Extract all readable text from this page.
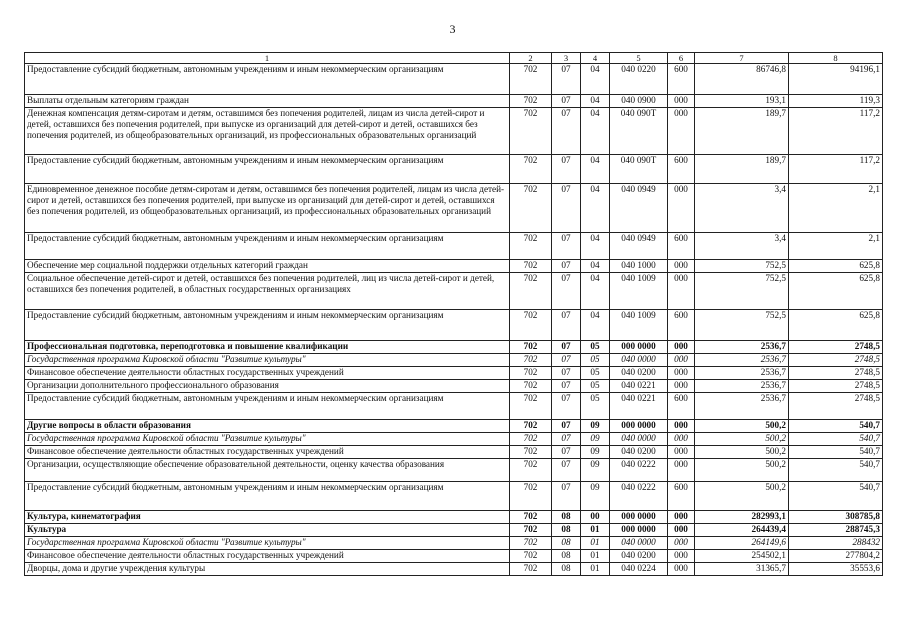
3
1	2	3	4	5	6	7	8
Предоставление субсидий бюджетным, автономным учреждениям и иным некоммерческим организациям	702	07	04	040 0220	600	86746,8	94196,1
Выплаты отдельным категориям граждан	702	07	04	040 0900	000	193,1	119,3
Денежная компенсация детям-сиротам и детям, оставшимся без попечения родителей, лицам из числа детей-сирот и детей, оставшихся без попечения родителей, при выпуске из организаций для детей-сирот и детей, оставшихся без попечения родителей, из общеобразовательных организаций, из профессиональных образовательных организаций	702	07	04	040 090Т	000	189,7	117,2
Предоставление субсидий бюджетным, автономным учреждениям и иным некоммерческим организациям	702	07	04	040 090Т	600	189,7	117,2
Единовременное денежное пособие детям-сиротам и детям, оставшимся без попечения родителей, лицам из числа детей-сирот и детей, оставшихся без попечения родителей, при выпуске из организаций для детей-сирот и детей, оставшихся без попечения родителей, из общеобразовательных организаций, из профессиональных образовательных организаций	702	07	04	040 0949	000	3,4	2,1
Предоставление субсидий бюджетным, автономным учреждениям и иным некоммерческим организациям	702	07	04	040 0949	600	3,4	2,1
Обеспечение мер социальной поддержки отдельных категорий граждан	702	07	04	040 1000	000	752,5	625,8
Социальное обеспечение детей-сирот и детей, оставшихся без попечения родителей, лиц из числа детей-сирот и детей, оставшихся без попечения родителей, в областных государственных организациях	702	07	04	040 1009	000	752,5	625,8
Предоставление субсидий бюджетным, автономным учреждениям и иным некоммерческим организациям	702	07	04	040 1009	600	752,5	625,8
Профессиональная подготовка, переподготовка и повышение квалификации	702	07	05	000 0000	000	2536,7	2748,5
Государственная программа Кировской области "Развитие культуры"	702	07	05	040 0000	000	2536,7	2748,5
Финансовое обеспечение деятельности областных государственных учреждений	702	07	05	040 0200	000	2536,7	2748,5
Организации дополнительного профессионального образования	702	07	05	040 0221	000	2536,7	2748,5
Предоставление субсидий бюджетным, автономным учреждениям и иным некоммерческим организациям	702	07	05	040 0221	600	2536,7	2748,5
Другие вопросы в области образования	702	07	09	000 0000	000	500,2	540,7
Государственная программа Кировской области "Развитие культуры"	702	07	09	040 0000	000	500,2	540,7
Финансовое обеспечение деятельности областных государственных учреждений	702	07	09	040 0200	000	500,2	540,7
Организации, осуществляющие обеспечение образовательной деятельности, оценку качества образования	702	07	09	040 0222	000	500,2	540,7
Предоставление субсидий бюджетным, автономным учреждениям и иным некоммерческим организациям	702	07	09	040 0222	600	500,2	540,7
Культура, кинематография	702	08	00	000 0000	000	282993,1	308785,8
Культура	702	08	01	000 0000	000	264439,4	288745,3
Государственная программа Кировской области "Развитие культуры"	702	08	01	040 0000	000	264149,6	288432
Финансовое обеспечение деятельности областных государственных учреждений	702	08	01	040 0200	000	254502,1	277804,2
Дворцы, дома и другие учреждения культуры	702	08	01	040 0224	000	31365,7	35553,6
